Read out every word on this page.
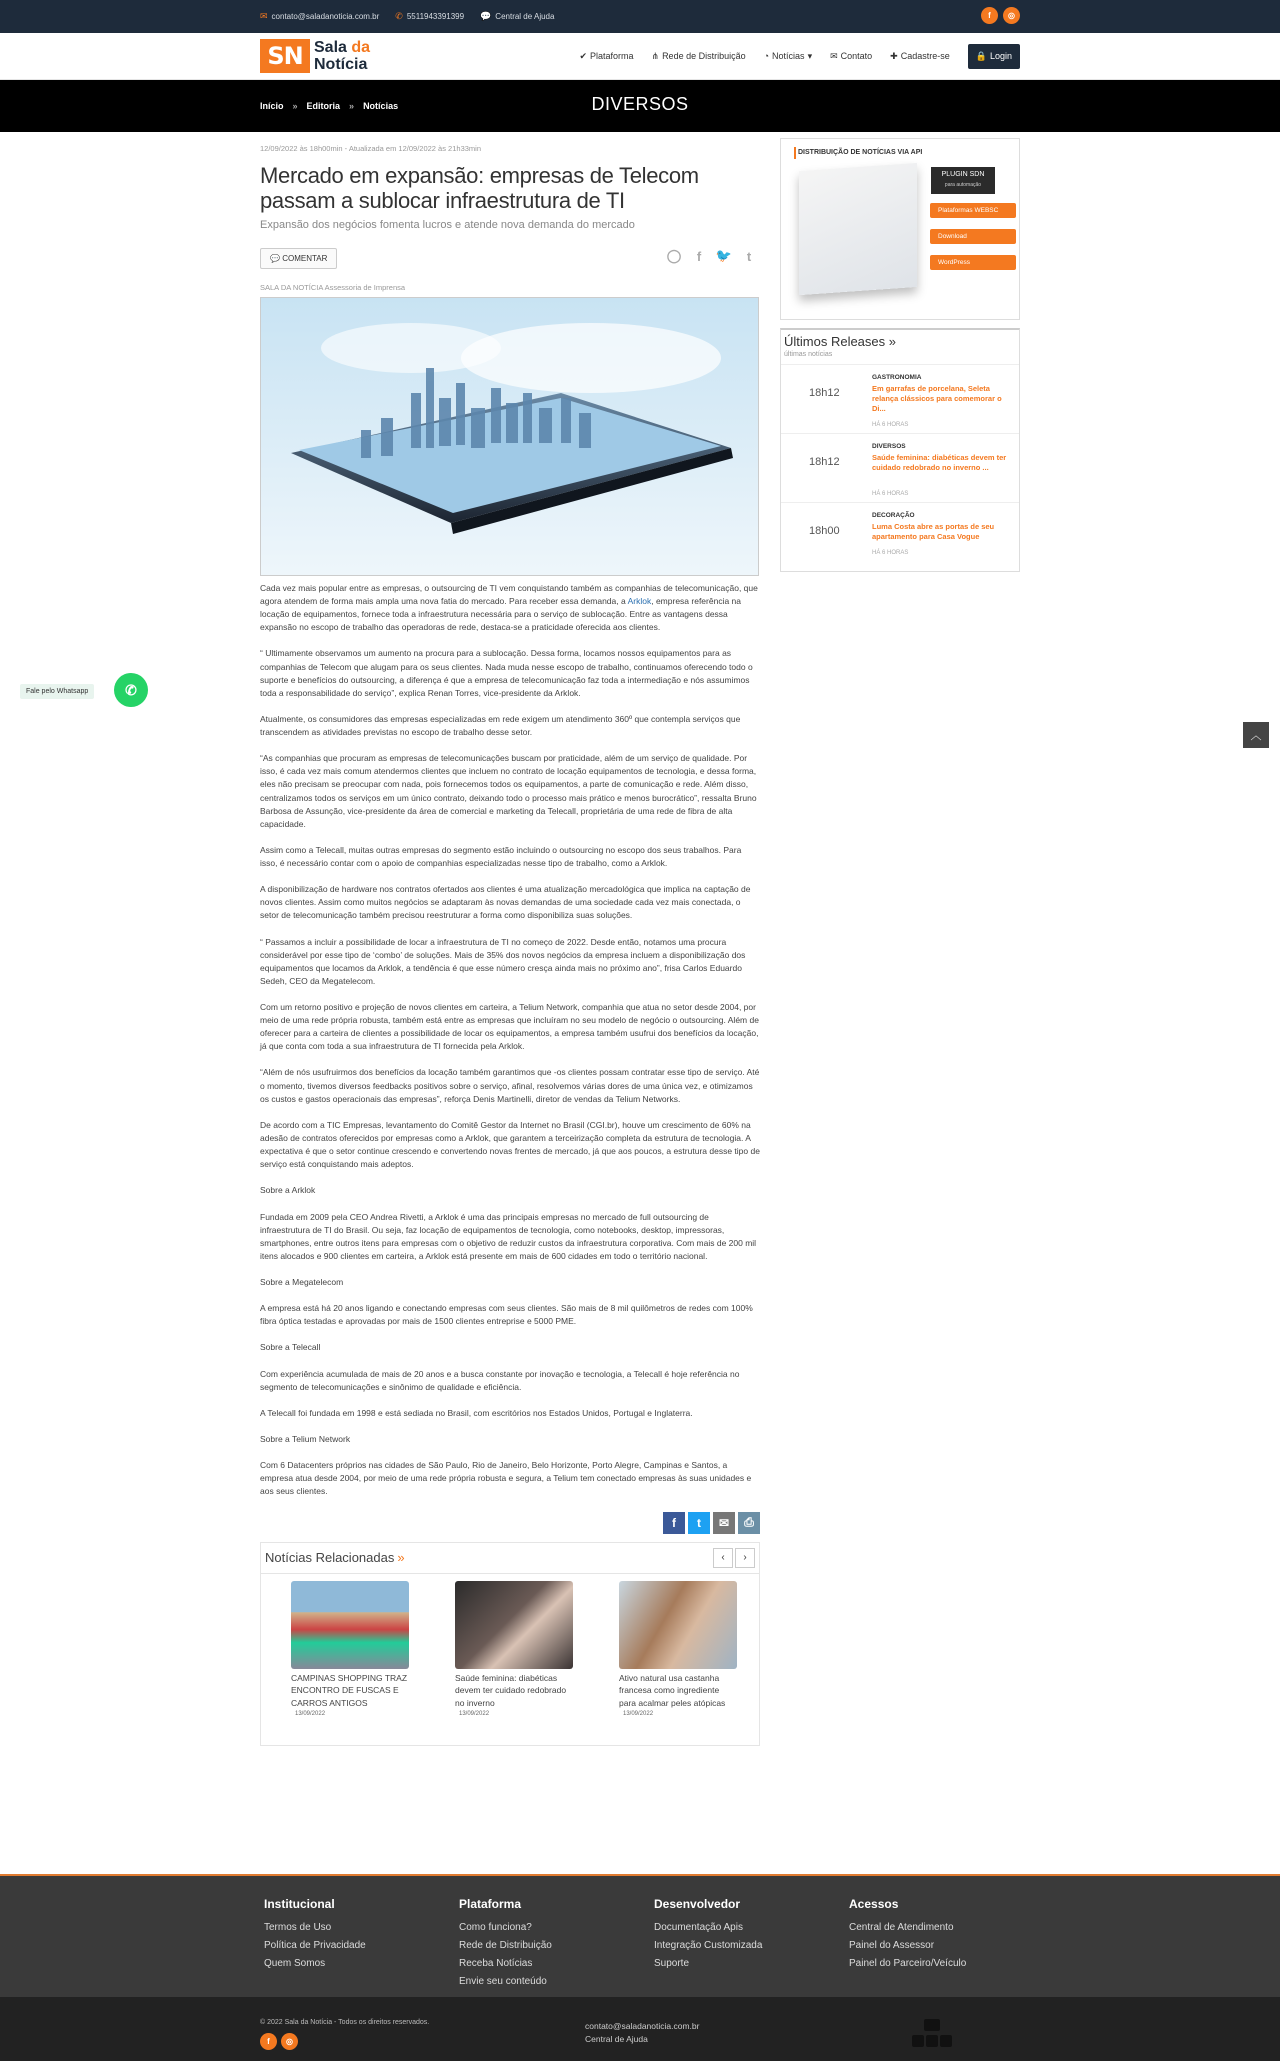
✉ contato@saladanoticia.com.br ✆ 5511943391399 💬 Central de Ajuda	f	◎
SN Sala da
Notícia
✔ Plataforma ⋔ Rede de Distribuição ◔ Notícias ▾ ✉ Contato ✚ Cadastre-se	🔒 Login
Início » Editoria » Notícias	DIVERSOS
12/09/2022 às 18h00min - Atualizada em 12/09/2022 às 21h33min
Mercado em expansão: empresas de Telecom passam a sublocar infraestrutura de TI
Expansão dos negócios fomenta lucros e atende nova demanda do mercado
💬 COMENTAR	◯	f	🐦	t
SALA DA NOTÍCIA Assessoria de Imprensa

Cada vez mais popular entre as empresas, o outsourcing de TI vem conquistando também as companhias de telecomunicação, que agora atendem de forma mais ampla uma nova fatia do mercado. Para receber essa demanda, a Arklok, empresa referência na locação de equipamentos, fornece toda a infraestrutura necessária para o serviço de sublocação. Entre as vantagens dessa expansão no escopo de trabalho das operadoras de rede, destaca-se a praticidade oferecida aos clientes.

“ Ultimamente observamos um aumento na procura para a sublocação. Dessa forma, locamos nossos equipamentos para as companhias de Telecom que alugam para os seus clientes. Nada muda nesse escopo de trabalho, continuamos oferecendo todo o suporte e benefícios do outsourcing, a diferença é que a empresa de telecomunicação faz toda a intermediação e nós assumimos toda a responsabilidade do serviço”, explica Renan Torres, vice-presidente da Arklok.

Atualmente, os consumidores das empresas especializadas em rede exigem um atendimento 360º que contempla serviços que transcendem as atividades previstas no escopo de trabalho desse setor.

“As companhias que procuram as empresas de telecomunicações buscam por praticidade, além de um serviço de qualidade. Por isso, é cada vez mais comum atendermos clientes que incluem no contrato de locação equipamentos de tecnologia, e dessa forma, eles não precisam se preocupar com nada, pois fornecemos todos os equipamentos, a parte de comunicação e rede. Além disso, centralizamos todos os serviços em um único contrato, deixando todo o processo mais prático e menos burocrático”, ressalta Bruno Barbosa de Assunção, vice-presidente da área de comercial e marketing da Telecall, proprietária de uma rede de fibra de alta capacidade.

Assim como a Telecall, muitas outras empresas do segmento estão incluindo o outsourcing no escopo dos seus trabalhos. Para isso, é necessário contar com o apoio de companhias especializadas nesse tipo de trabalho, como a Arklok.

A disponibilização de hardware nos contratos ofertados aos clientes é uma atualização mercadológica que implica na captação de novos clientes. Assim como muitos negócios se adaptaram às novas demandas de uma sociedade cada vez mais conectada, o setor de telecomunicação também precisou reestruturar a forma como disponibiliza suas soluções.

“ Passamos a incluir a possibilidade de locar a infraestrutura de TI no começo de 2022. Desde então, notamos uma procura considerável por esse tipo de ‘combo’ de soluções. Mais de 35% dos novos negócios da empresa incluem a disponibilização dos equipamentos que locamos da Arklok, a tendência é que esse número cresça ainda mais no próximo ano”, frisa Carlos Eduardo Sedeh, CEO da Megatelecom.

Com um retorno positivo e projeção de novos clientes em carteira, a Telium Network, companhia que atua no setor desde 2004, por meio de uma rede própria robusta, também está entre as empresas que incluíram no seu modelo de negócio o outsourcing. Além de oferecer para a carteira de clientes a possibilidade de locar os equipamentos, a empresa também usufrui dos benefícios da locação, já que conta com toda a sua infraestrutura de TI fornecida pela Arklok.

“Além de nós usufruirmos dos benefícios da locação também garantimos que -os clientes possam contratar esse tipo de serviço. Até o momento, tivemos diversos feedbacks positivos sobre o serviço, afinal, resolvemos várias dores de uma única vez, e otimizamos os custos e gastos operacionais das empresas”, reforça Denis Martinelli, diretor de vendas da Telium Networks.

De acordo com a TIC Empresas, levantamento do Comitê Gestor da Internet no Brasil (CGI.br), houve um crescimento de 60% na adesão de contratos oferecidos por empresas como a Arklok, que garantem a terceirização completa da estrutura de tecnologia. A expectativa é que o setor continue crescendo e convertendo novas frentes de mercado, já que aos poucos, a estrutura desse tipo de serviço está conquistando mais adeptos.

Sobre a Arklok

Fundada em 2009 pela CEO Andrea Rivetti, a Arklok é uma das principais empresas no mercado de full outsourcing de infraestrutura de TI do Brasil. Ou seja, faz locação de equipamentos de tecnologia, como notebooks, desktop, impressoras, smartphones, entre outros itens para empresas com o objetivo de reduzir custos da infraestrutura corporativa. Com mais de 200 mil itens alocados e 900 clientes em carteira, a Arklok está presente em mais de 600 cidades em todo o território nacional.

Sobre a Megatelecom

A empresa está há 20 anos ligando e conectando empresas com seus clientes. São mais de 8 mil quilômetros de redes com 100% fibra óptica testadas e aprovadas por mais de 1500 clientes entreprise e 5000 PME.

Sobre a Telecall

Com experiência acumulada de mais de 20 anos e a busca constante por inovação e tecnologia, a Telecall é hoje referência no segmento de telecomunicações e sinônimo de qualidade e eficiência.

A Telecall foi fundada em 1998 e está sediada no Brasil, com escritórios nos Estados Unidos, Portugal e Inglaterra.

Sobre a Telium Network

Com 6 Datacenters próprios nas cidades de São Paulo, Rio de Janeiro, Belo Horizonte, Porto Alegre, Campinas e Santos, a empresa atua desde 2004, por meio de uma rede própria robusta e segura, a Telium tem conectado empresas às suas unidades e aos seus clientes.

f	t	✉	⎙
Notícias Relacionadas »	‹	›
CAMPINAS SHOPPING TRAZ ENCONTRO DE FUSCAS E CARROS ANTIGOS
13/09/2022
Saúde feminina: diabéticas devem ter cuidado redobrado no inverno
13/09/2022
Ativo natural usa castanha francesa como ingrediente para acalmar peles atópicas
13/09/2022
DISTRIBUIÇÃO DE NOTÍCIAS VIA API
PLUGIN SDN
para automação
Plataformas WEBSC
Download
WordPress
Últimos Releases »
últimas notícias
18h12
GASTRONOMIA
Em garrafas de porcelana, Seleta relança clássicos para comemorar o Di...
HÁ 6 HORAS
18h12
DIVERSOS
Saúde feminina: diabéticas devem ter cuidado redobrado no inverno ...
HÁ 6 HORAS
18h00
DECORAÇÃO
Luma Costa abre as portas de seu apartamento para Casa Vogue
HÁ 6 HORAS
Fale pelo Whatsapp	✆
︿
Institucional
Termos de Uso
Política de Privacidade
Quem Somos
Plataforma
Como funciona?
Rede de Distribuição
Receba Notícias
Envie seu conteúdo
Desenvolvedor
Documentação Apis
Integração Customizada
Suporte
Acessos
Central de Atendimento
Painel do Assessor
Painel do Parceiro/Veículo
© 2022 Sala da Notícia - Todos os direitos reservados.
f	◎
contato@saladanoticia.com.br
Central de Ajuda
